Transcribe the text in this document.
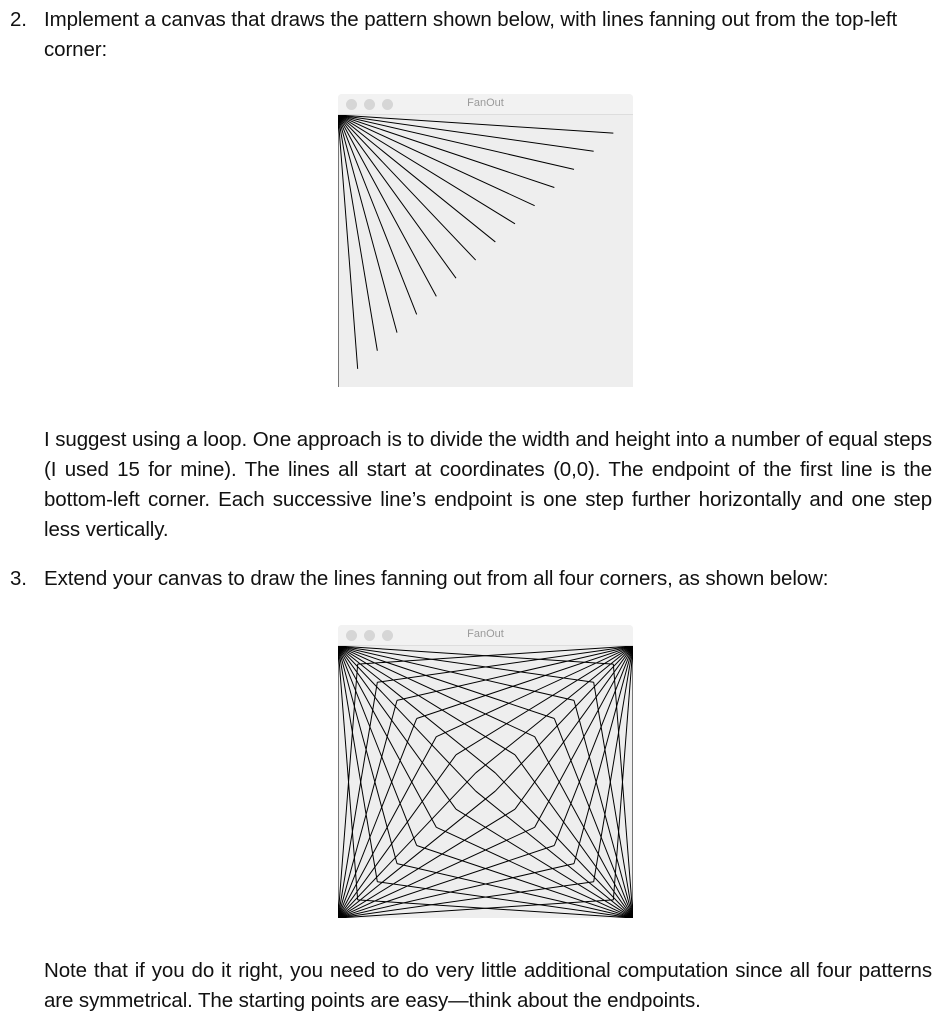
2. Implement a canvas that draws the pattern shown below, with lines fanning out from the top-left corner:
FanOut
I suggest using a loop. One approach is to divide the width and height into a number of equal steps (I used 15 for mine). The lines all start at coordinates (0,0). The endpoint of the first line is the bottom-left corner. Each successive line’s endpoint is one step further horizontally and one step less vertically.
3. Extend your canvas to draw the lines fanning out from all four corners, as shown below:
FanOut
Note that if you do it right, you need to do very little additional computation since all four patterns are symmetrical. The starting points are easy—think about the endpoints.
